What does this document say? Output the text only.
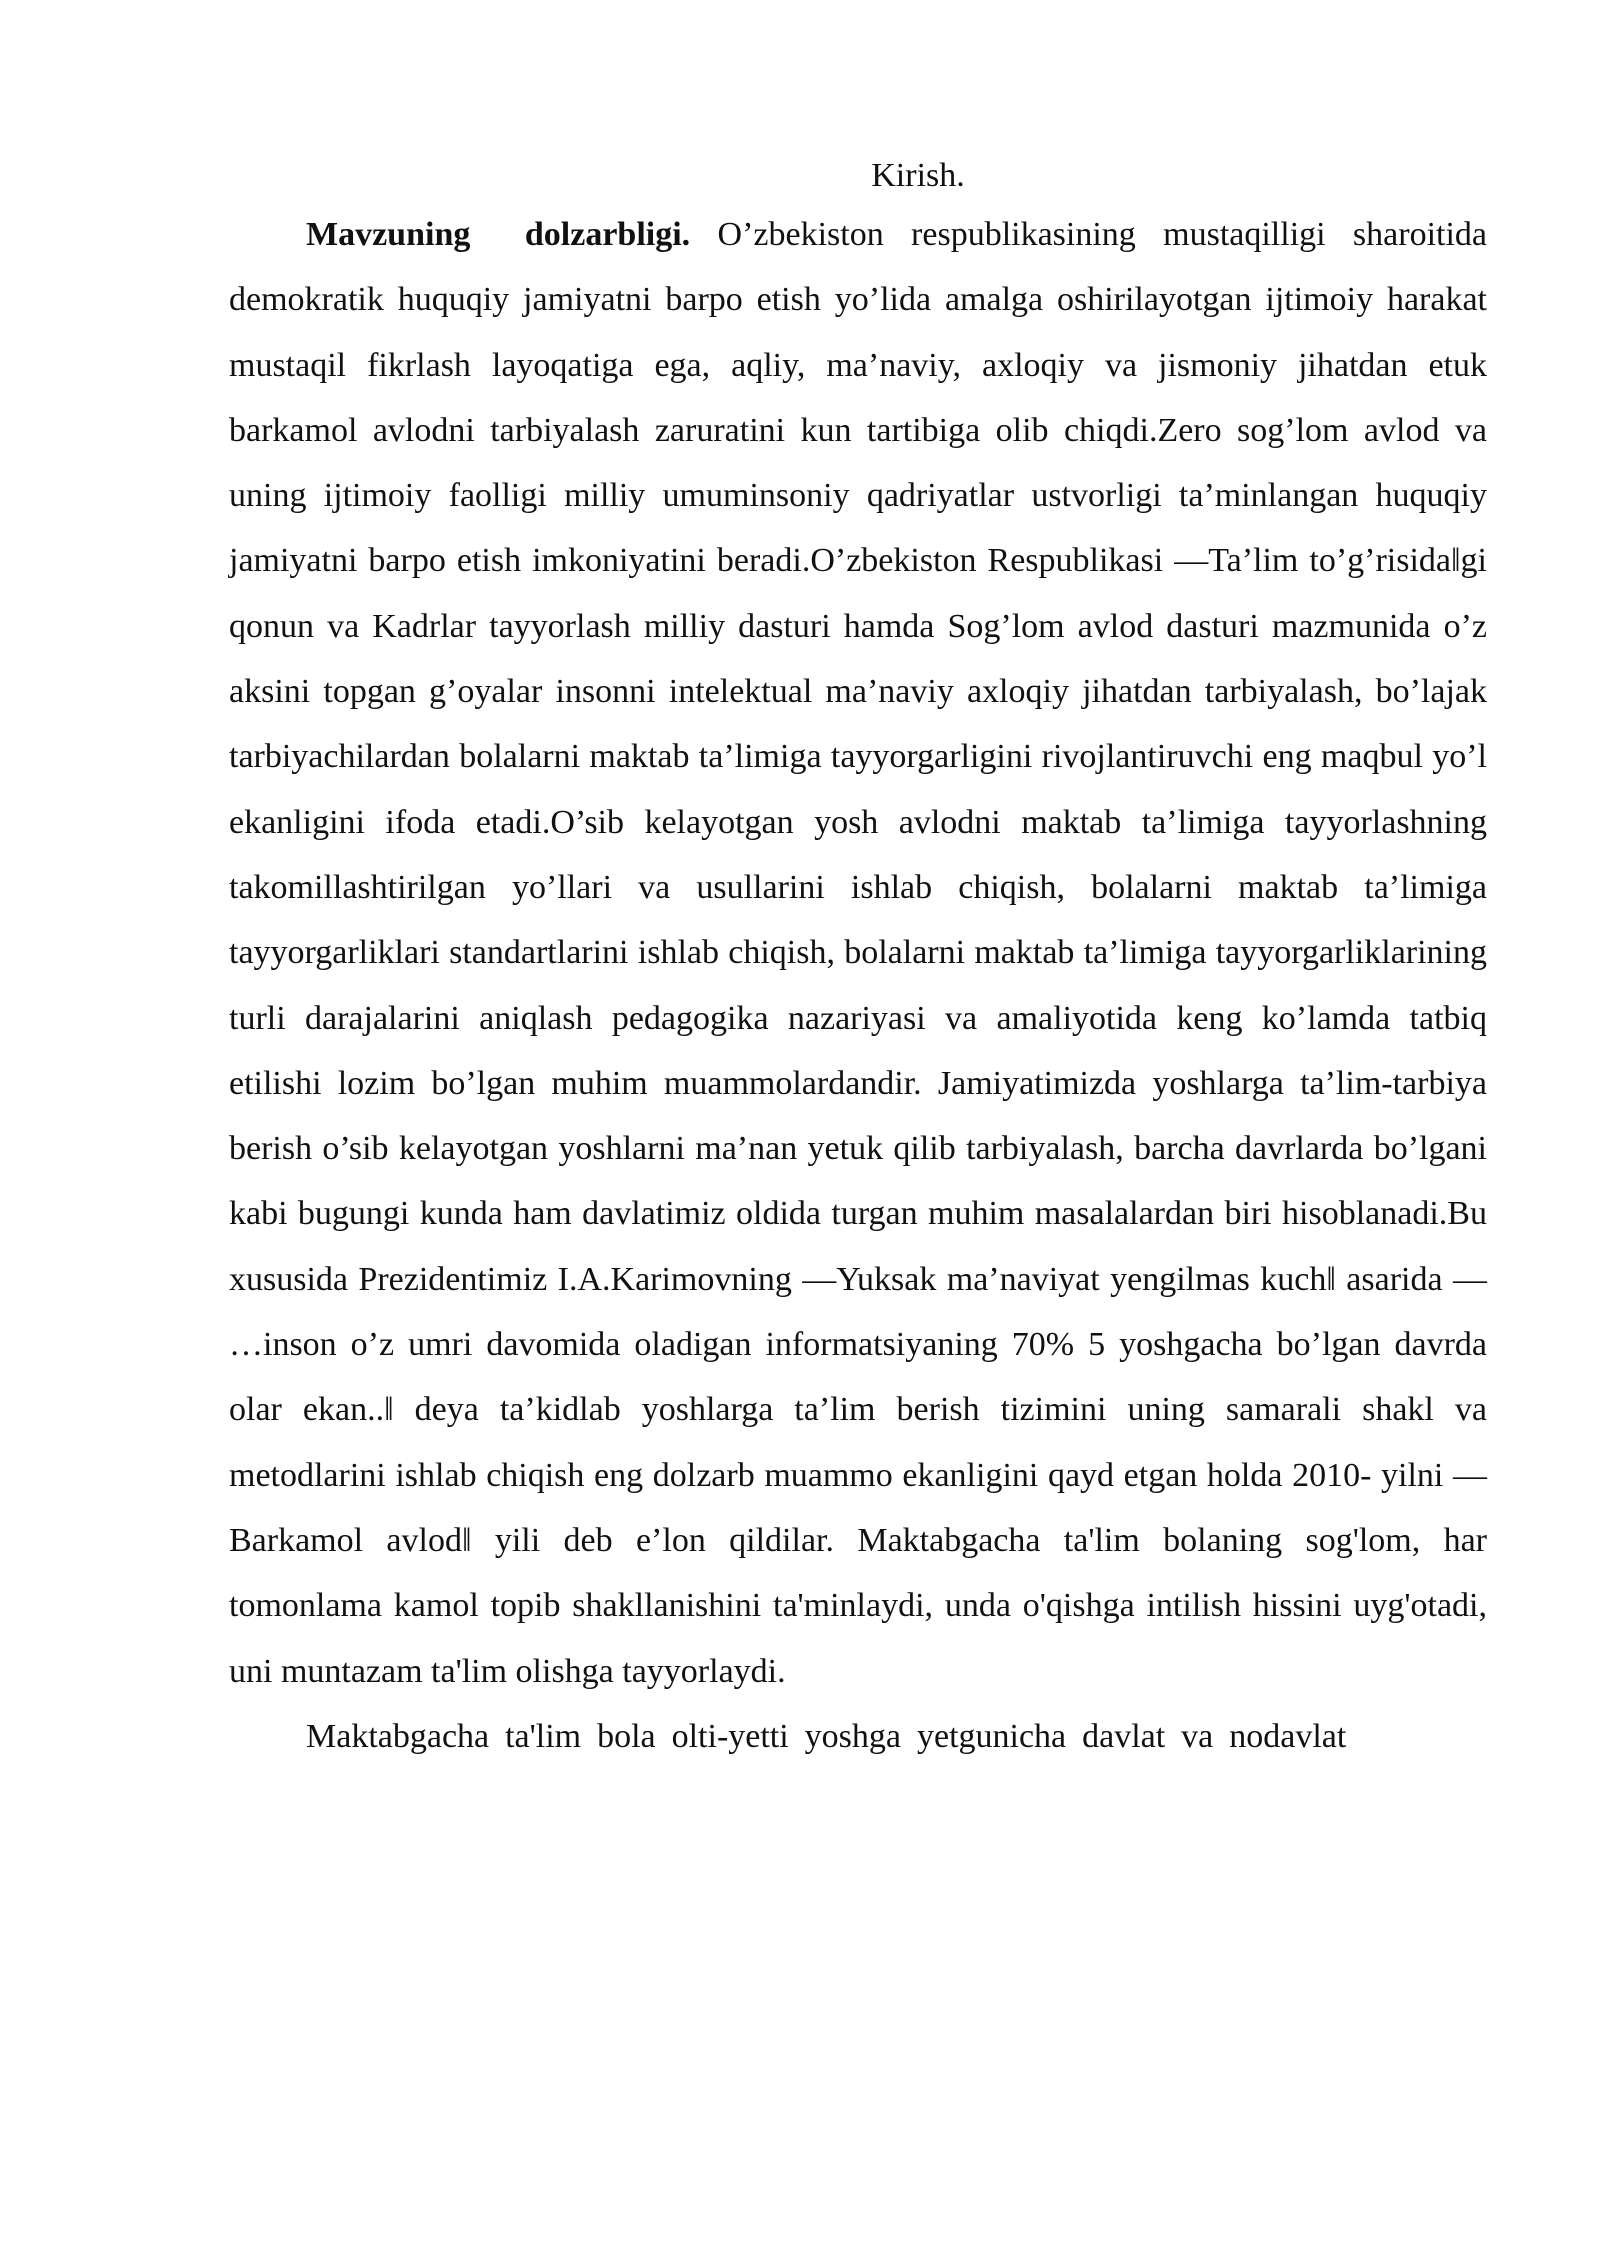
Kirish.

Mavzuning dolzarbligi. O’zbekiston respublikasining mustaqilligi sharoitida demokratik huquqiy jamiyatni barpo etish yo’lida amalga oshirilayotgan ijtimoiy harakat mustaqil fikrlash layoqatiga ega, aqliy, ma’naviy, axloqiy va jismoniy jihatdan etuk barkamol avlodni tarbiyalash zaruratini kun tartibiga olib chiqdi.Zero sog’lom avlod va uning ijtimoiy faolligi milliy umuminsoniy qadriyatlar ustvorligi ta’minlangan huquqiy jamiyatni barpo etish imkoniyatini beradi.O’zbekiston Respublikasi —Ta’lim to’g’risida‖gi qonun va Kadrlar tayyorlash milliy dasturi hamda Sog’lom avlod dasturi mazmunida o’z aksini topgan g’oyalar insonni intelektual ma’naviy axloqiy jihatdan tarbiyalash, bo’lajak tarbiyachilardan bolalarni maktab ta’limiga tayyorgarligini rivojlantiruvchi eng maqbul yo’l ekanligini ifoda etadi.O’sib kelayotgan yosh avlodni maktab ta’limiga tayyorlashning takomillashtirilgan yo’llari va usullarini ishlab chiqish, bolalarni maktab ta’limiga tayyorgarliklari standartlarini ishlab chiqish, bolalarni maktab ta’limiga tayyorgarliklarining turli darajalarini aniqlash pedagogika nazariyasi va amaliyotida keng ko’lamda tatbiq etilishi lozim bo’lgan muhim muammolardandir. Jamiyatimizda yoshlarga ta’lim-tarbiya berish o’sib kelayotgan yoshlarni ma’nan yetuk qilib tarbiyalash, barcha davrlarda bo’lgani kabi bugungi kunda ham davlatimiz oldida turgan muhim masalalardan biri hisoblanadi.Bu xususida Prezidentimiz I.A.Karimovning —Yuksak ma’naviyat yengilmas kuch‖ asarida — …inson o’z umri davomida oladigan informatsiyaning 70% 5 yoshgacha bo’lgan davrda olar ekan..‖ deya ta’kidlab yoshlarga ta’lim berish tizimini uning samarali shakl va metodlarini ishlab chiqish eng dolzarb muammo ekanligini qayd etgan holda 2010- yilni —Barkamol avlod‖ yili deb e’lon qildilar. Maktabgacha ta'lim bolaning sog'lom, har tomonlama kamol topib shakllanishini ta'minlaydi, unda o'qishga intilish hissini uyg'otadi, uni muntazam ta'lim olishga tayyorlaydi.

Maktabgacha ta'lim bola olti-yetti yoshga yetgunicha davlat va nodavlat
